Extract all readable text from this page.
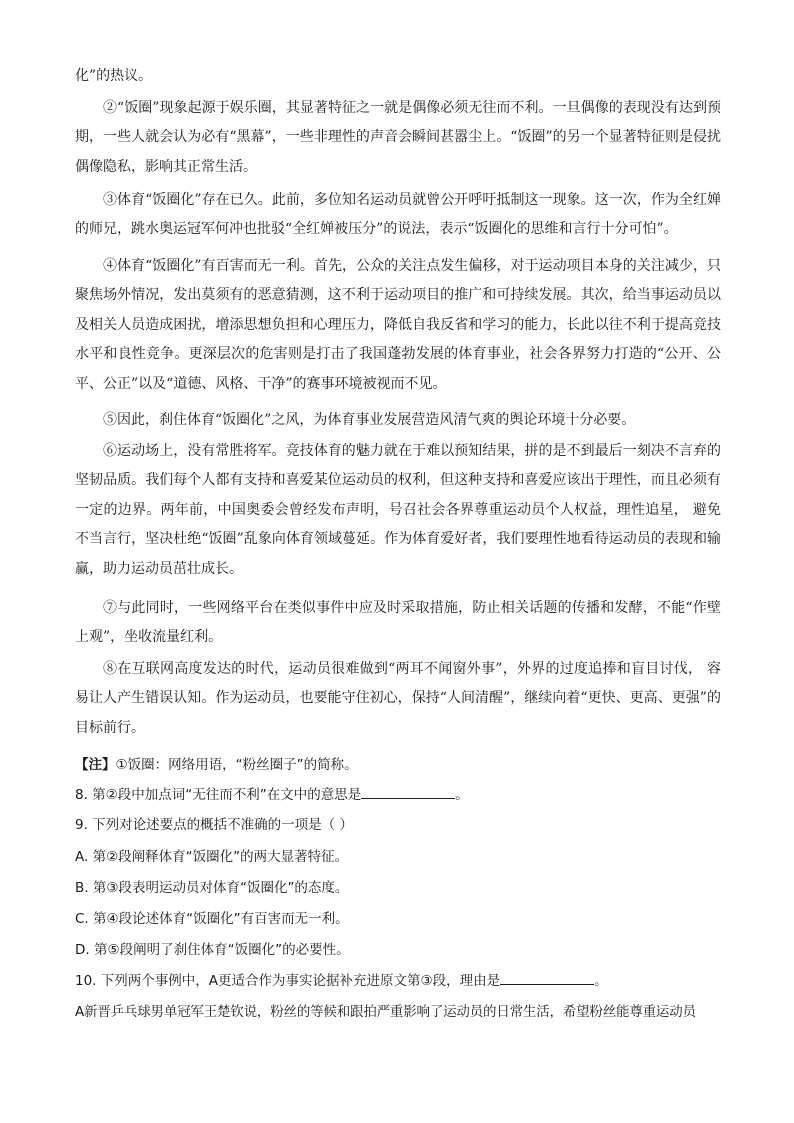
化”的热议。
②“饭圈”现象起源于娱乐圈，其显著特征之一就是偶像必须无往而不利。一旦偶像的表现没有达到预期，一些人就会认为必有“黑幕”，一些非理性的声音会瞬间甚嚣尘上。“饭圈”的另一个显著特征则是侵扰偶像隐私，影响其正常生活。
③体育“饭圈化”存在已久。此前，多位知名运动员就曾公开呼吁抵制这一现象。这一次，作为全红婵的师兄，跳水奥运冠军何冲也批驳“全红婵被压分”的说法，表示“饭圈化的思维和言行十分可怕”。
④体育“饭圈化”有百害而无一利。首先，公众的关注点发生偏移，对于运动项目本身的关注减少，只聚焦场外情况，发出莫须有的恶意猜测，这不利于运动项目的推广和可持续发展。其次，给当事运动员以及相关人员造成困扰，增添思想负担和心理压力，降低自我反省和学习的能力，长此以往不利于提高竞技水平和良性竞争。更深层次的危害则是打击了我国蓬勃发展的体育事业，社会各界努力打造的“公开、公平、公正”以及“道德、风格、干净”的赛事环境被视而不见。
⑤因此，刹住体育“饭圈化”之风，为体育事业发展营造风清气爽的舆论环境十分必要。
⑥运动场上，没有常胜将军。竞技体育的魅力就在于难以预知结果，拼的是不到最后一刻决不言弃的坚韧品质。我们每个人都有支持和喜爱某位运动员的权利，但这种支持和喜爱应该出于理性，而且必须有一定的边界。两年前，中国奥委会曾经发布声明，号召社会各界尊重运动员个人权益，理性追星， 避免不当言行，坚决杜绝“饭圈”乱象向体育领域蔓延。作为体育爱好者，我们要理性地看待运动员的表现和输赢，助力运动员茁壮成长。
⑦与此同时，一些网络平台在类似事件中应及时采取措施，防止相关话题的传播和发酵，不能“作壁上观”，坐收流量红利。
⑧在互联网高度发达的时代，运动员很难做到“两耳不闻窗外事”，外界的过度追捧和盲目讨伐， 容易让人产生错误认知。作为运动员，也要能守住初心，保持“人间清醒”，继续向着“更快、更高、更强”的目标前行。
【注】①饭圈：网络用语，“粉丝圈子”的简称。
8. 第②段中加点词“无往而不利”在文中的意思是	。
9. 下列对论述要点的概括不准确的一项是（ ）
A. 第②段阐释体育“饭圈化”的两大显著特征。
B. 第③段表明运动员对体育“饭圈化”的态度。
C. 第④段论述体育“饭圈化”有百害而无一利。
D. 第⑤段阐明了刹住体育“饭圈化”的必要性。
10. 下列两个事例中，A更适合作为事实论据补充进原文第③段，理由是	。
A新晋乒乓球男单冠军王楚钦说，粉丝的等候和跟拍严重影响了运动员的日常生活，希望粉丝能尊重运动员
